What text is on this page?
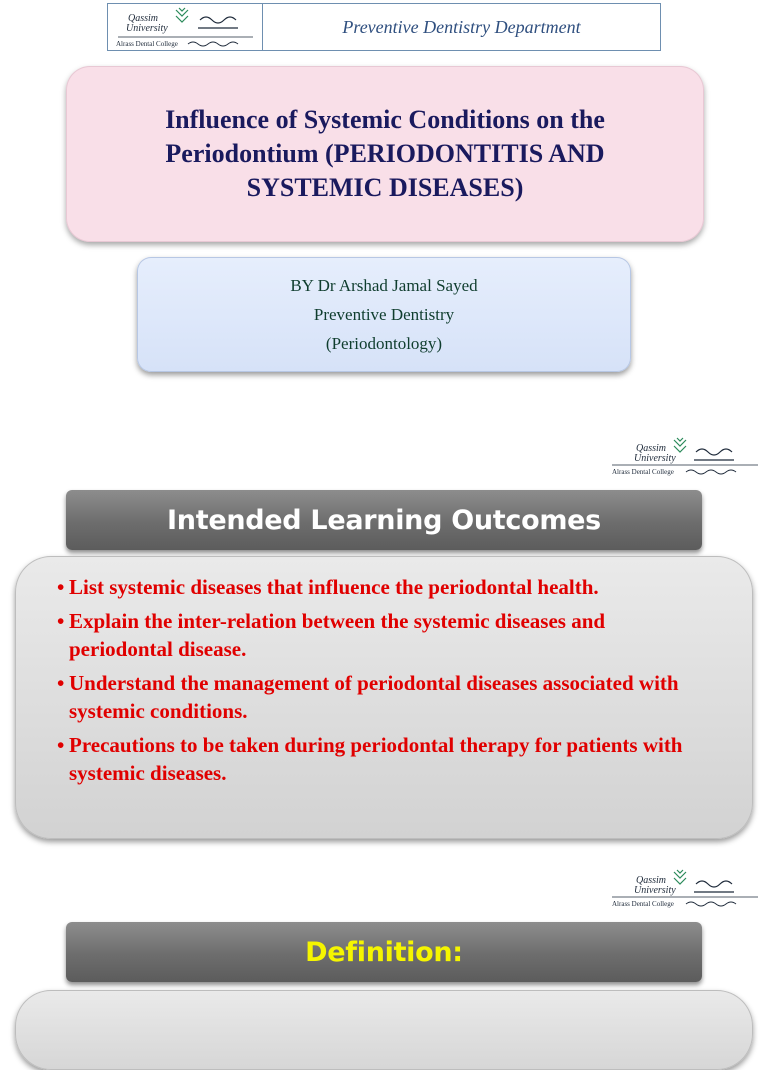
Qassim
University
Alrass Dental College
Preventive Dentistry Department
Influence of Systemic Conditions on the Periodontium (PERIODONTITIS AND SYSTEMIC DISEASES)
BY Dr Arshad Jamal Sayed
Preventive Dentistry
(Periodontology)
Qassim
University
Alrass Dental College
Intended Learning Outcomes
• List systemic diseases that influence the periodontal health.
• Explain the inter-relation between the systemic diseases and periodontal disease.
• Understand the management of periodontal diseases associated with systemic conditions.
• Precautions to be taken during periodontal therapy for patients with systemic diseases.
Qassim
University
Alrass Dental College
Definition:
